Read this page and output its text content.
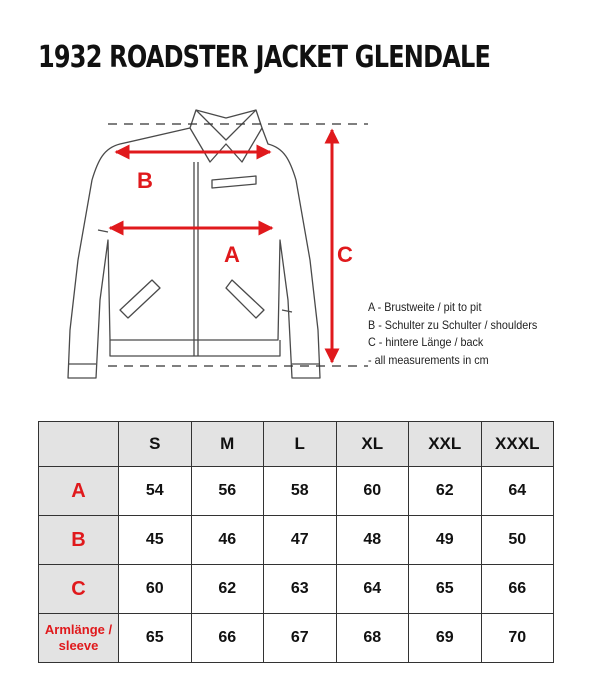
1932 ROADSTER JACKET GLENDALE
B
A	C
A - Brustweite / pit to pit
B - Schulter zu Schulter / shoulders
C - hintere Länge / back
- all measurements in cm
	S	M	L	XL	XXL	XXXL
A	54	56	58	60	62	64
B	45	46	47	48	49	50
C	60	62	63	64	65	66
Armlänge / sleeve	65	66	67	68	69	70
